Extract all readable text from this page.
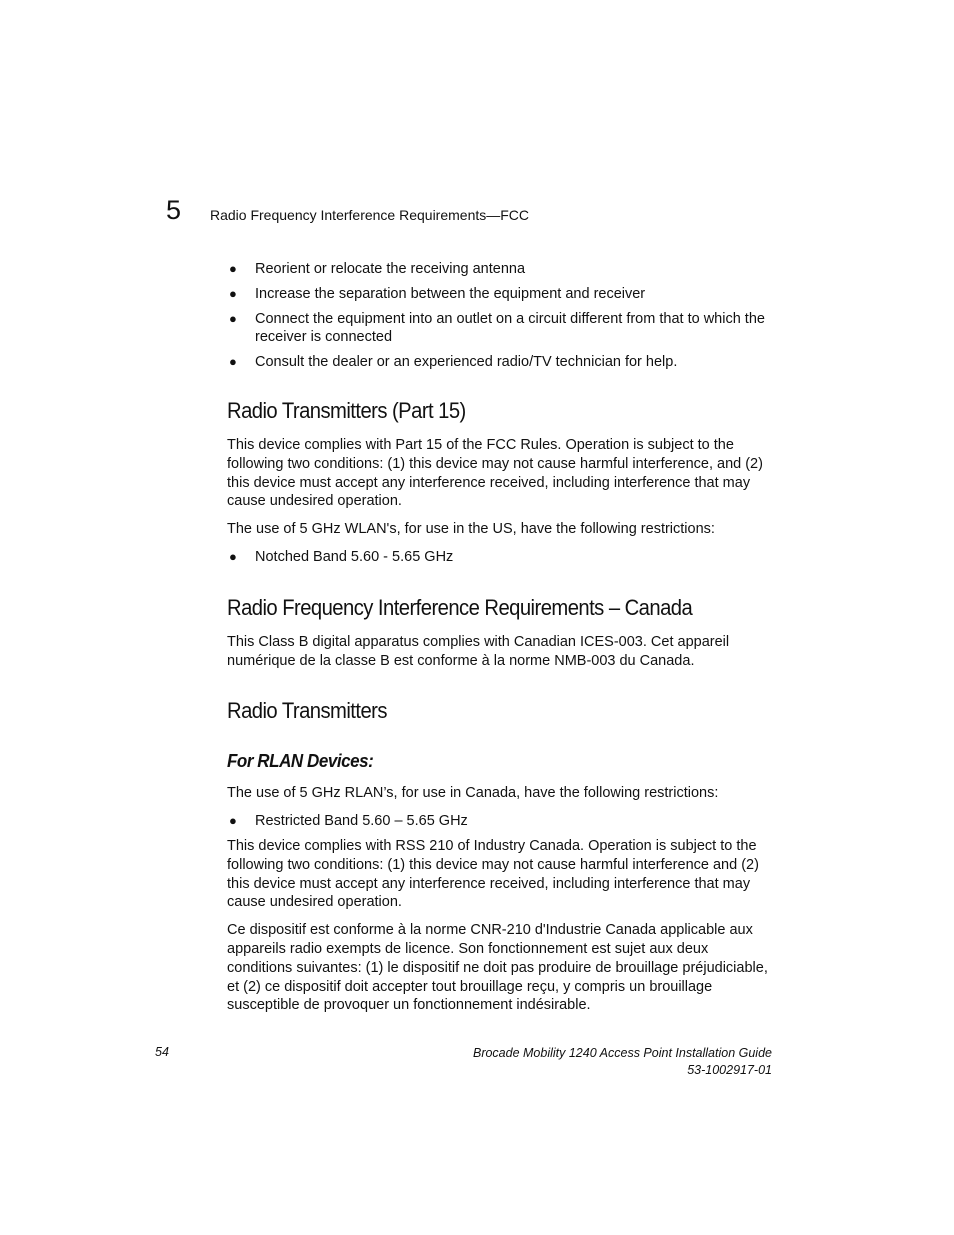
5 Radio Frequency Interference Requirements—FCC
● Reorient or relocate the receiving antenna
● Increase the separation between the equipment and receiver
● Connect the equipment into an outlet on a circuit different from that to which the receiver is connected
● Consult the dealer or an experienced radio/TV technician for help.
Radio Transmitters (Part 15)

This device complies with Part 15 of the FCC Rules. Operation is subject to the following two conditions: (1) this device may not cause harmful interference, and (2) this device must accept any interference received, including interference that may cause undesired operation.

The use of 5 GHz WLAN's, for use in the US, have the following restrictions:

● Notched Band 5.60 - 5.65 GHz
Radio Frequency Interference Requirements – Canada

This Class B digital apparatus complies with Canadian ICES-003. Cet appareil numérique de la classe B est conforme à la norme NMB-003 du Canada.

Radio Transmitters
For RLAN Devices:

The use of 5 GHz RLAN’s, for use in Canada, have the following restrictions:

● Restricted Band 5.60 – 5.65 GHz

This device complies with RSS 210 of Industry Canada. Operation is subject to the following two conditions: (1) this device may not cause harmful interference and (2) this device must accept any interference received, including interference that may cause undesired operation.

Ce dispositif est conforme à la norme CNR-210 d'Industrie Canada applicable aux appareils radio exempts de licence. Son fonctionnement est sujet aux deux conditions suivantes: (1) le dispositif ne doit pas produire de brouillage préjudiciable, et (2) ce dispositif doit accepter tout brouillage reçu, y compris un brouillage susceptible de provoquer un fonctionnement indésirable.

54	Brocade Mobility 1240 Access Point Installation Guide
53-1002917-01
